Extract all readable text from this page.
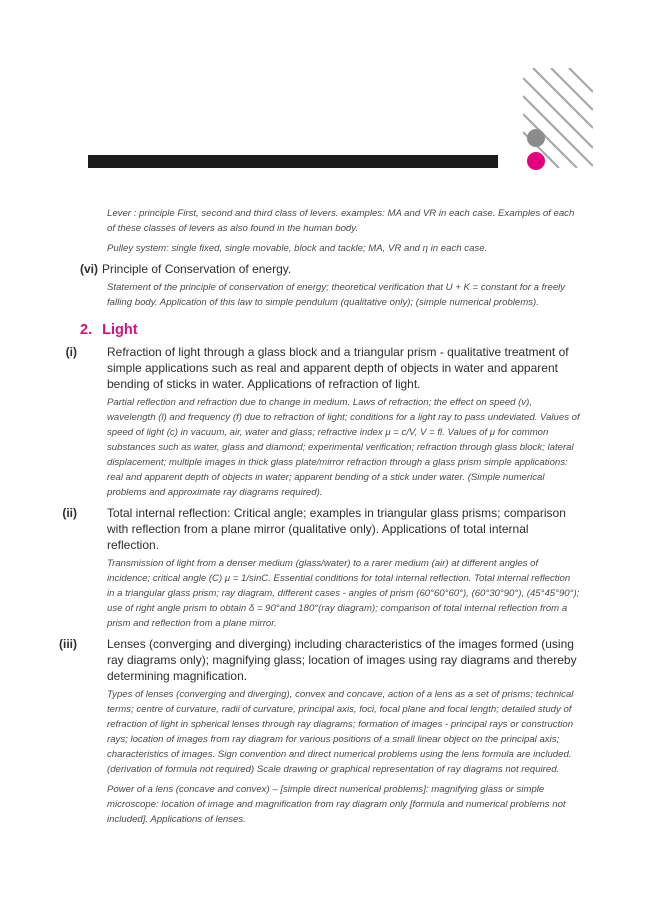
Lever : principle First, second and third class of levers. examples: MA and VR in each case. Examples of each of these classes of levers as also found in the human body.

Pulley system: single fixed, single movable, block and tackle; MA, VR and η in each case.

(vi) Principle of Conservation of energy.

Statement of the principle of conservation of energy; theoretical verification that U + K = constant for a freely falling body. Application of this law to simple pendulum (qualitative only); (simple numerical problems).

2. Light
(i)	Refraction of light through a glass block and a triangular prism - qualitative treatment of simple applications such as real and apparent depth of objects in water and apparent bending of sticks in water. Applications of refraction of light.

Partial reflection and refraction due to change in medium. Laws of refraction; the effect on speed (v), wavelength (l) and frequency (f) due to refraction of light; conditions for a light ray to pass undeviated. Values of speed of light (c) in vacuum, air, water and glass; refractive index μ = c/V, V = fl. Values of μ for common substances such as water, glass and diamond; experimental verification; refraction through glass block; lateral displacement; multiple images in thick glass plate/mirror refraction through a glass prism simple applications: real and apparent depth of objects in water; apparent bending of a stick under water. (Simple numerical problems and approximate ray diagrams required).

(ii)	Total internal reflection: Critical angle; examples in triangular glass prisms; comparison with reflection from a plane mirror (qualitative only). Applications of total internal reflection.

Transmission of light from a denser medium (glass/water) to a rarer medium (air) at different angles of incidence; critical angle (C) μ = 1/sinC. Essential conditions for total internal reflection. Total internal reflection in a triangular glass prism; ray diagram, different cases - angles of prism (60°60°60°), (60°30°90°), (45°45°90°); use of right angle prism to obtain δ = 90°and 180°(ray diagram); comparison of total internal reflection from a prism and reflection from a plane mirror.

(iii)	Lenses (converging and diverging) including characteristics of the images formed (using ray diagrams only); magnifying glass; location of images using ray diagrams and thereby determining magnification.

Types of lenses (converging and diverging), convex and concave, action of a lens as a set of prisms; technical terms; centre of curvature, radii of curvature, principal axis, foci, focal plane and focal length; detailed study of refraction of light in spherical lenses through ray diagrams; formation of images - principal rays or construction rays; location of images from ray diagram for various positions of a small linear object on the principal axis; characteristics of images. Sign convention and direct numerical problems using the lens formula are included.(derivation of formula not required) Scale drawing or graphical representation of ray diagrams not required.

Power of a lens (concave and convex) – [simple direct numerical problems]: magnifying glass or simple microscope: location of image and magnification from ray diagram only [formula and numerical problems not included]. Applications of lenses.
